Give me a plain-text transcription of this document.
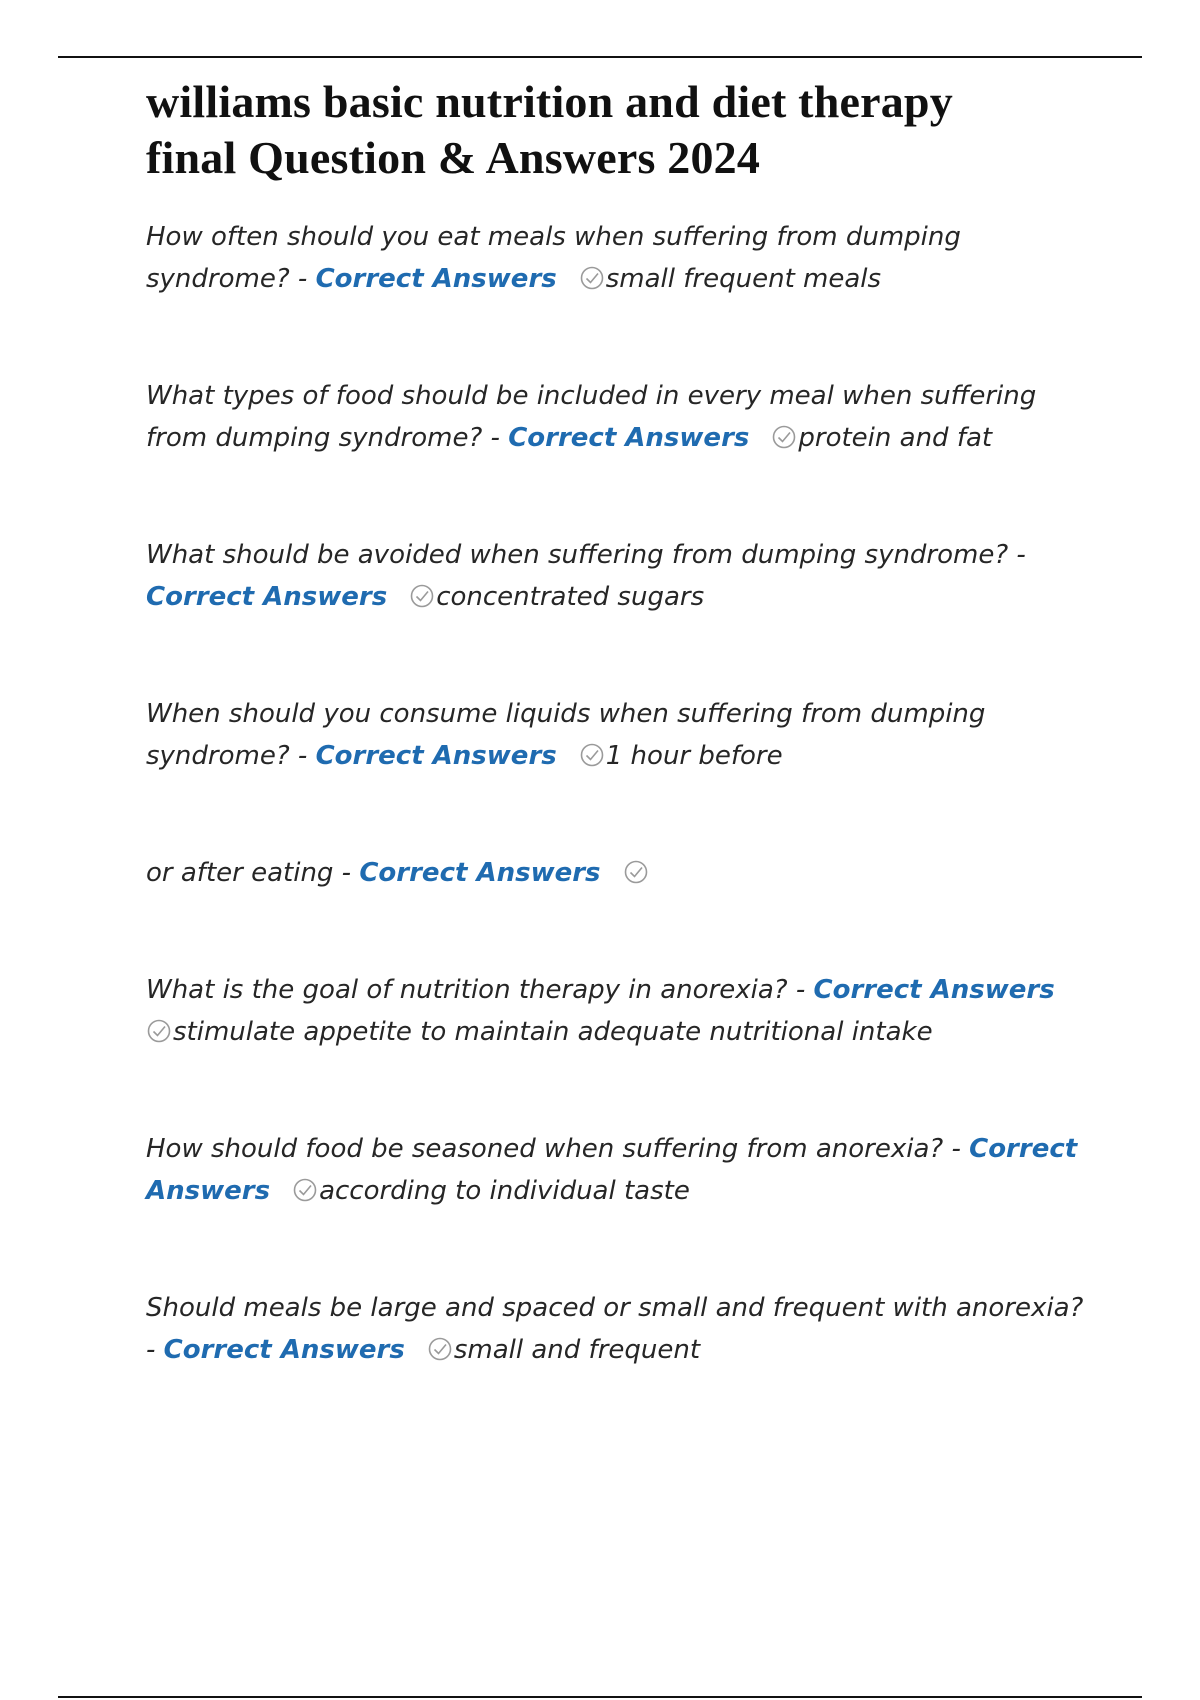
williams basic nutrition and diet therapy
final Question & Answers 2024

How often should you eat meals when suffering from dumping syndrome? - Correct Answers small frequent meals

What types of food should be included in every meal when suffering from dumping syndrome? - Correct Answers protein and fat

What should be avoided when suffering from dumping syndrome? - Correct Answers concentrated sugars

When should you consume liquids when suffering from dumping syndrome? - Correct Answers 1 hour before

or after eating - Correct Answers

What is the goal of nutrition therapy in anorexia? - Correct Answers
stimulate appetite to maintain adequate nutritional intake

How should food be seasoned when suffering from anorexia? - Correct Answers according to individual taste

Should meals be large and spaced or small and frequent with anorexia? - Correct Answers small and frequent
